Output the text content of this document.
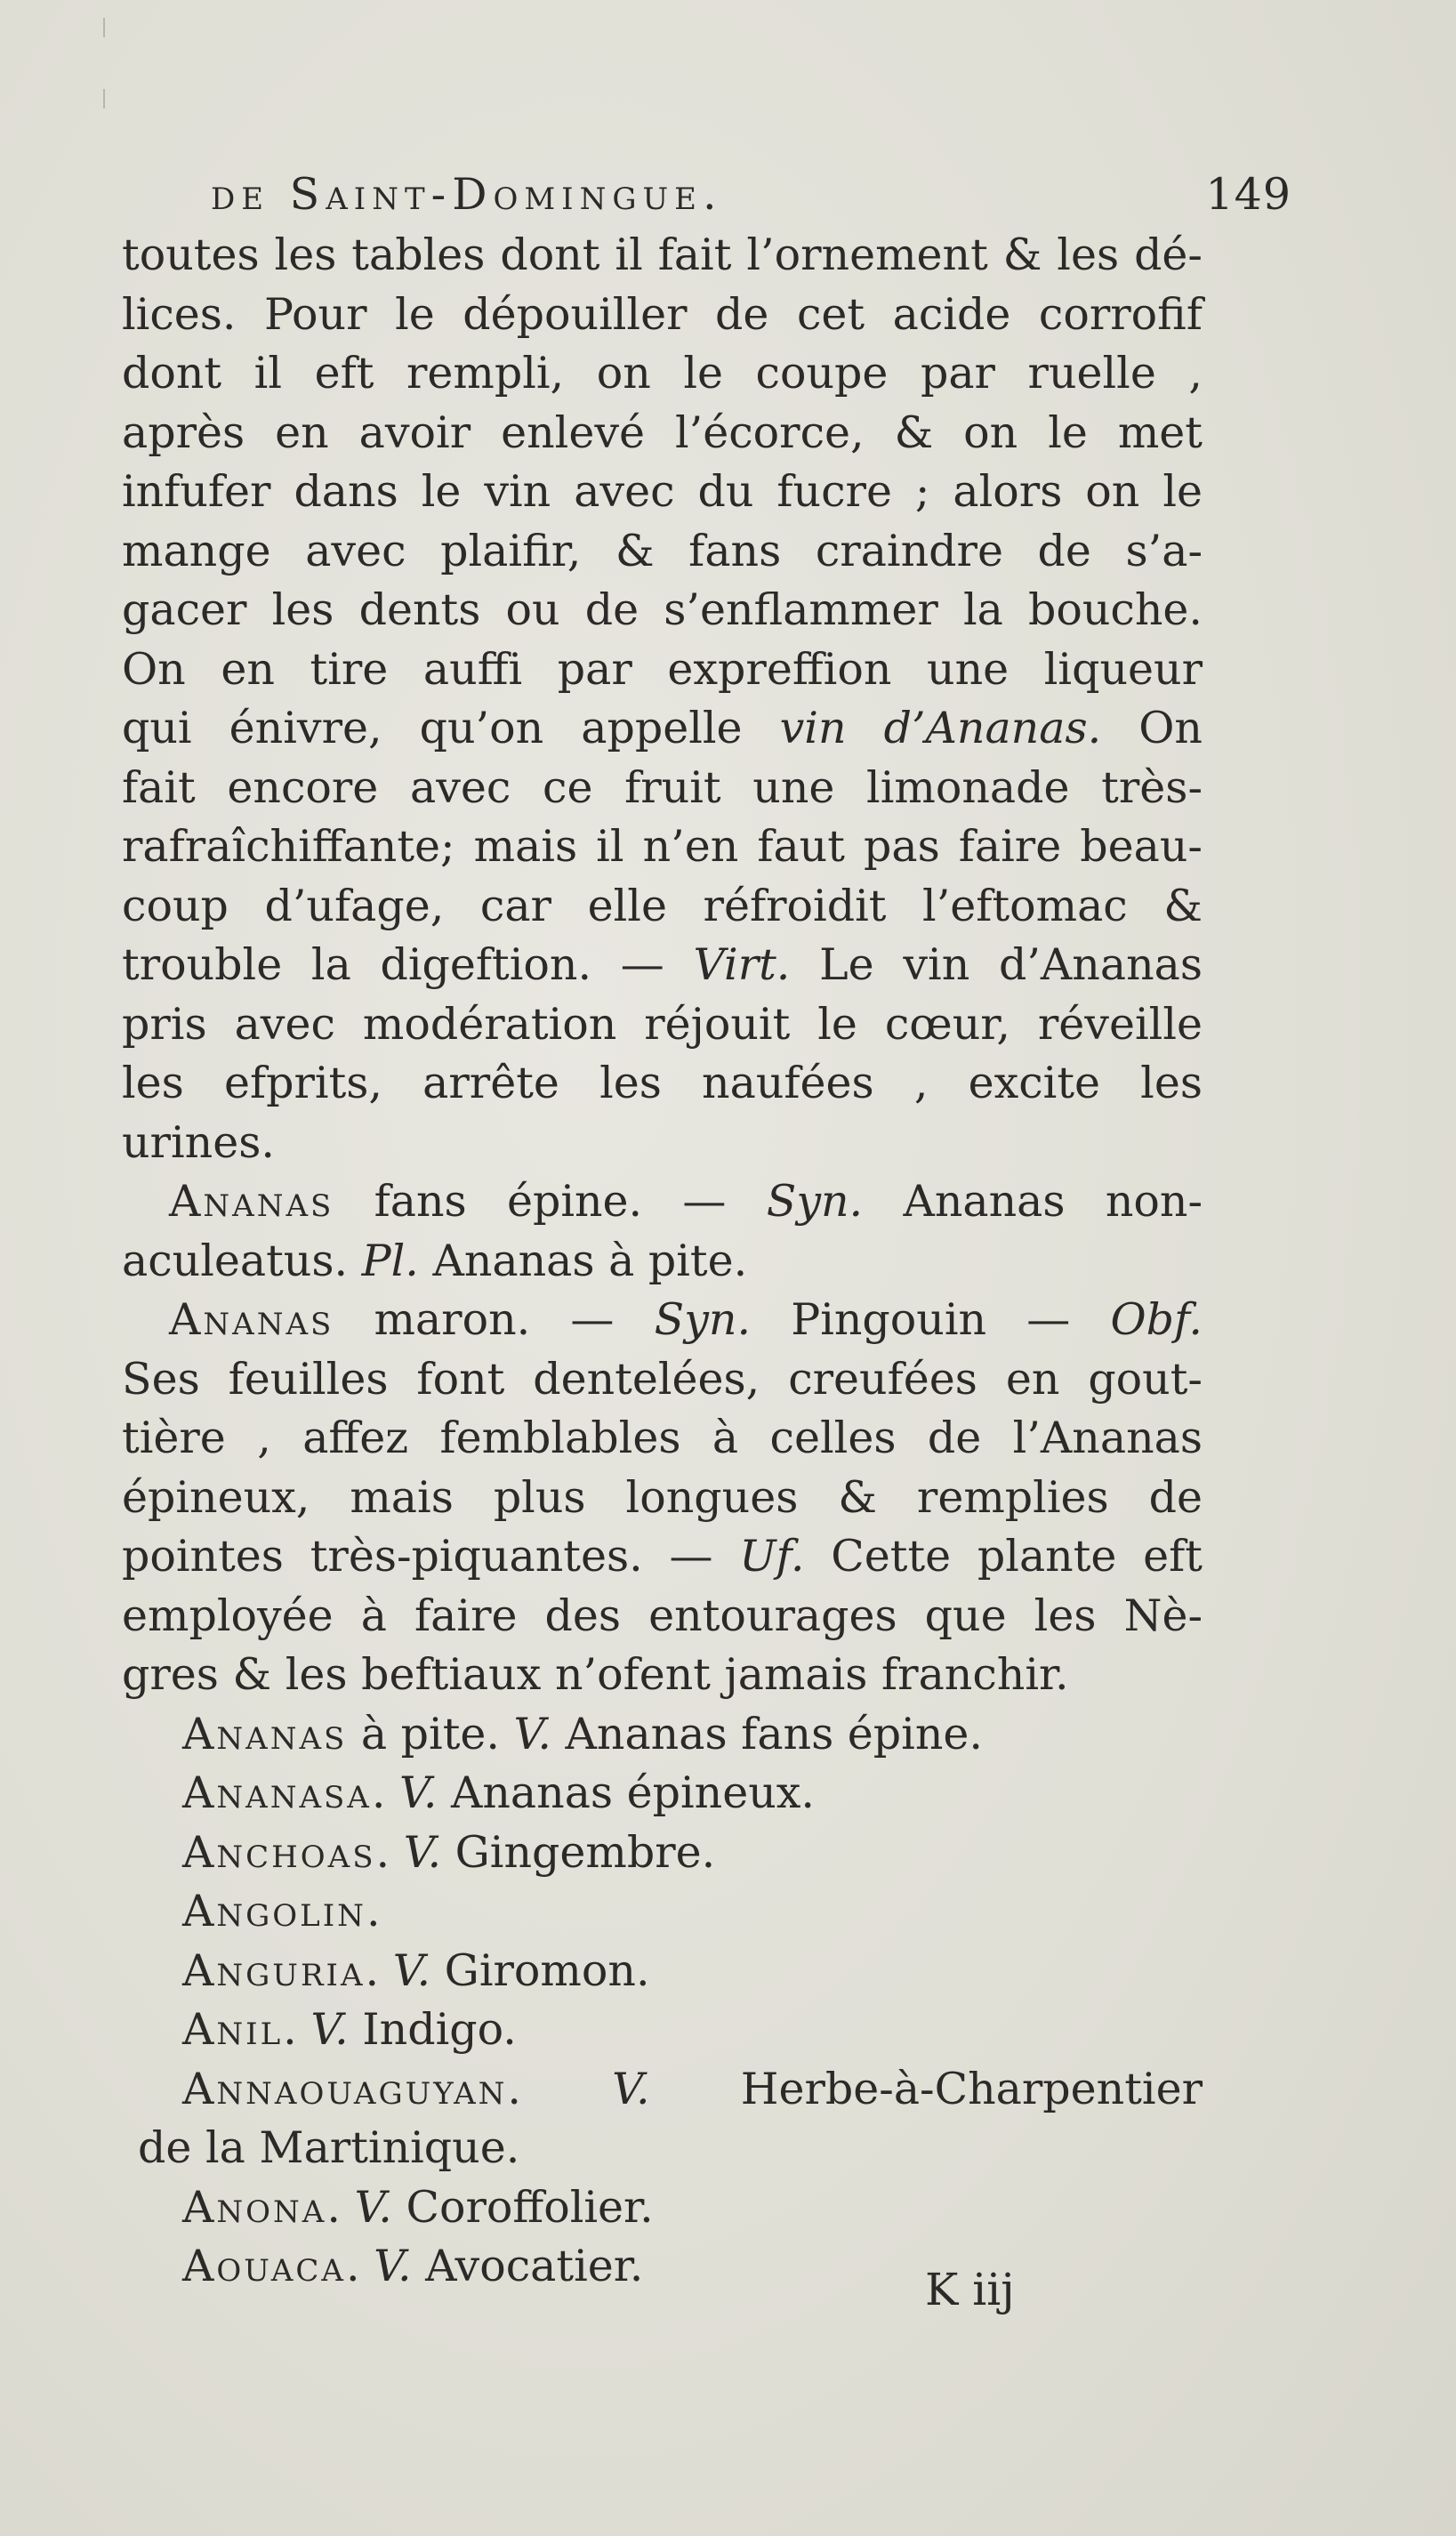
de Saint-Domingue.	149
toutes les tables dont il fait l’ornement & les dé-
lices. Pour le dépouiller de cet acide corrofif
dont il eft rempli, on le coupe par ruelle ,
après en avoir enlevé l’écorce, & on le met
infufer dans le vin avec du fucre ; alors on le
mange avec plaifir, & fans craindre de s’a-
gacer les dents ou de s’enflammer la bouche.
On en tire auffi par expreffion une liqueur
qui énivre, qu’on appelle vin d’Ananas. On
fait encore avec ce fruit une limonade très-
rafraîchiffante; mais il n’en faut pas faire beau-
coup d’ufage, car elle réfroidit l’eftomac &
trouble la digeftion. — Virt. Le vin d’Ananas
pris avec modération réjouit le cœur, réveille
les efprits, arrête les naufées , excite les
urines.
Ananas fans épine. — Syn. Ananas non-
aculeatus. Pl. Ananas à pite.
Ananas maron. — Syn. Pingouin — Obf.
Ses feuilles font dentelées, creufées en gout-
tière , affez femblables à celles de l’Ananas
épineux, mais plus longues & remplies de
pointes très-piquantes. — Uf. Cette plante eft
employée à faire des entourages que les Nè-
gres & les beftiaux n’ofent jamais franchir.
Ananas à pite. V. Ananas fans épine.
Ananasa. V. Ananas épineux.
Anchoas. V. Gingembre.
Angolin.
Anguria. V. Giromon.
Anil. V. Indigo.
Annaouaguyan. V. Herbe-à-Charpentier
de la Martinique.
Anona. V. Coroffolier.
Aouaca. V. Avocatier.	K iij
